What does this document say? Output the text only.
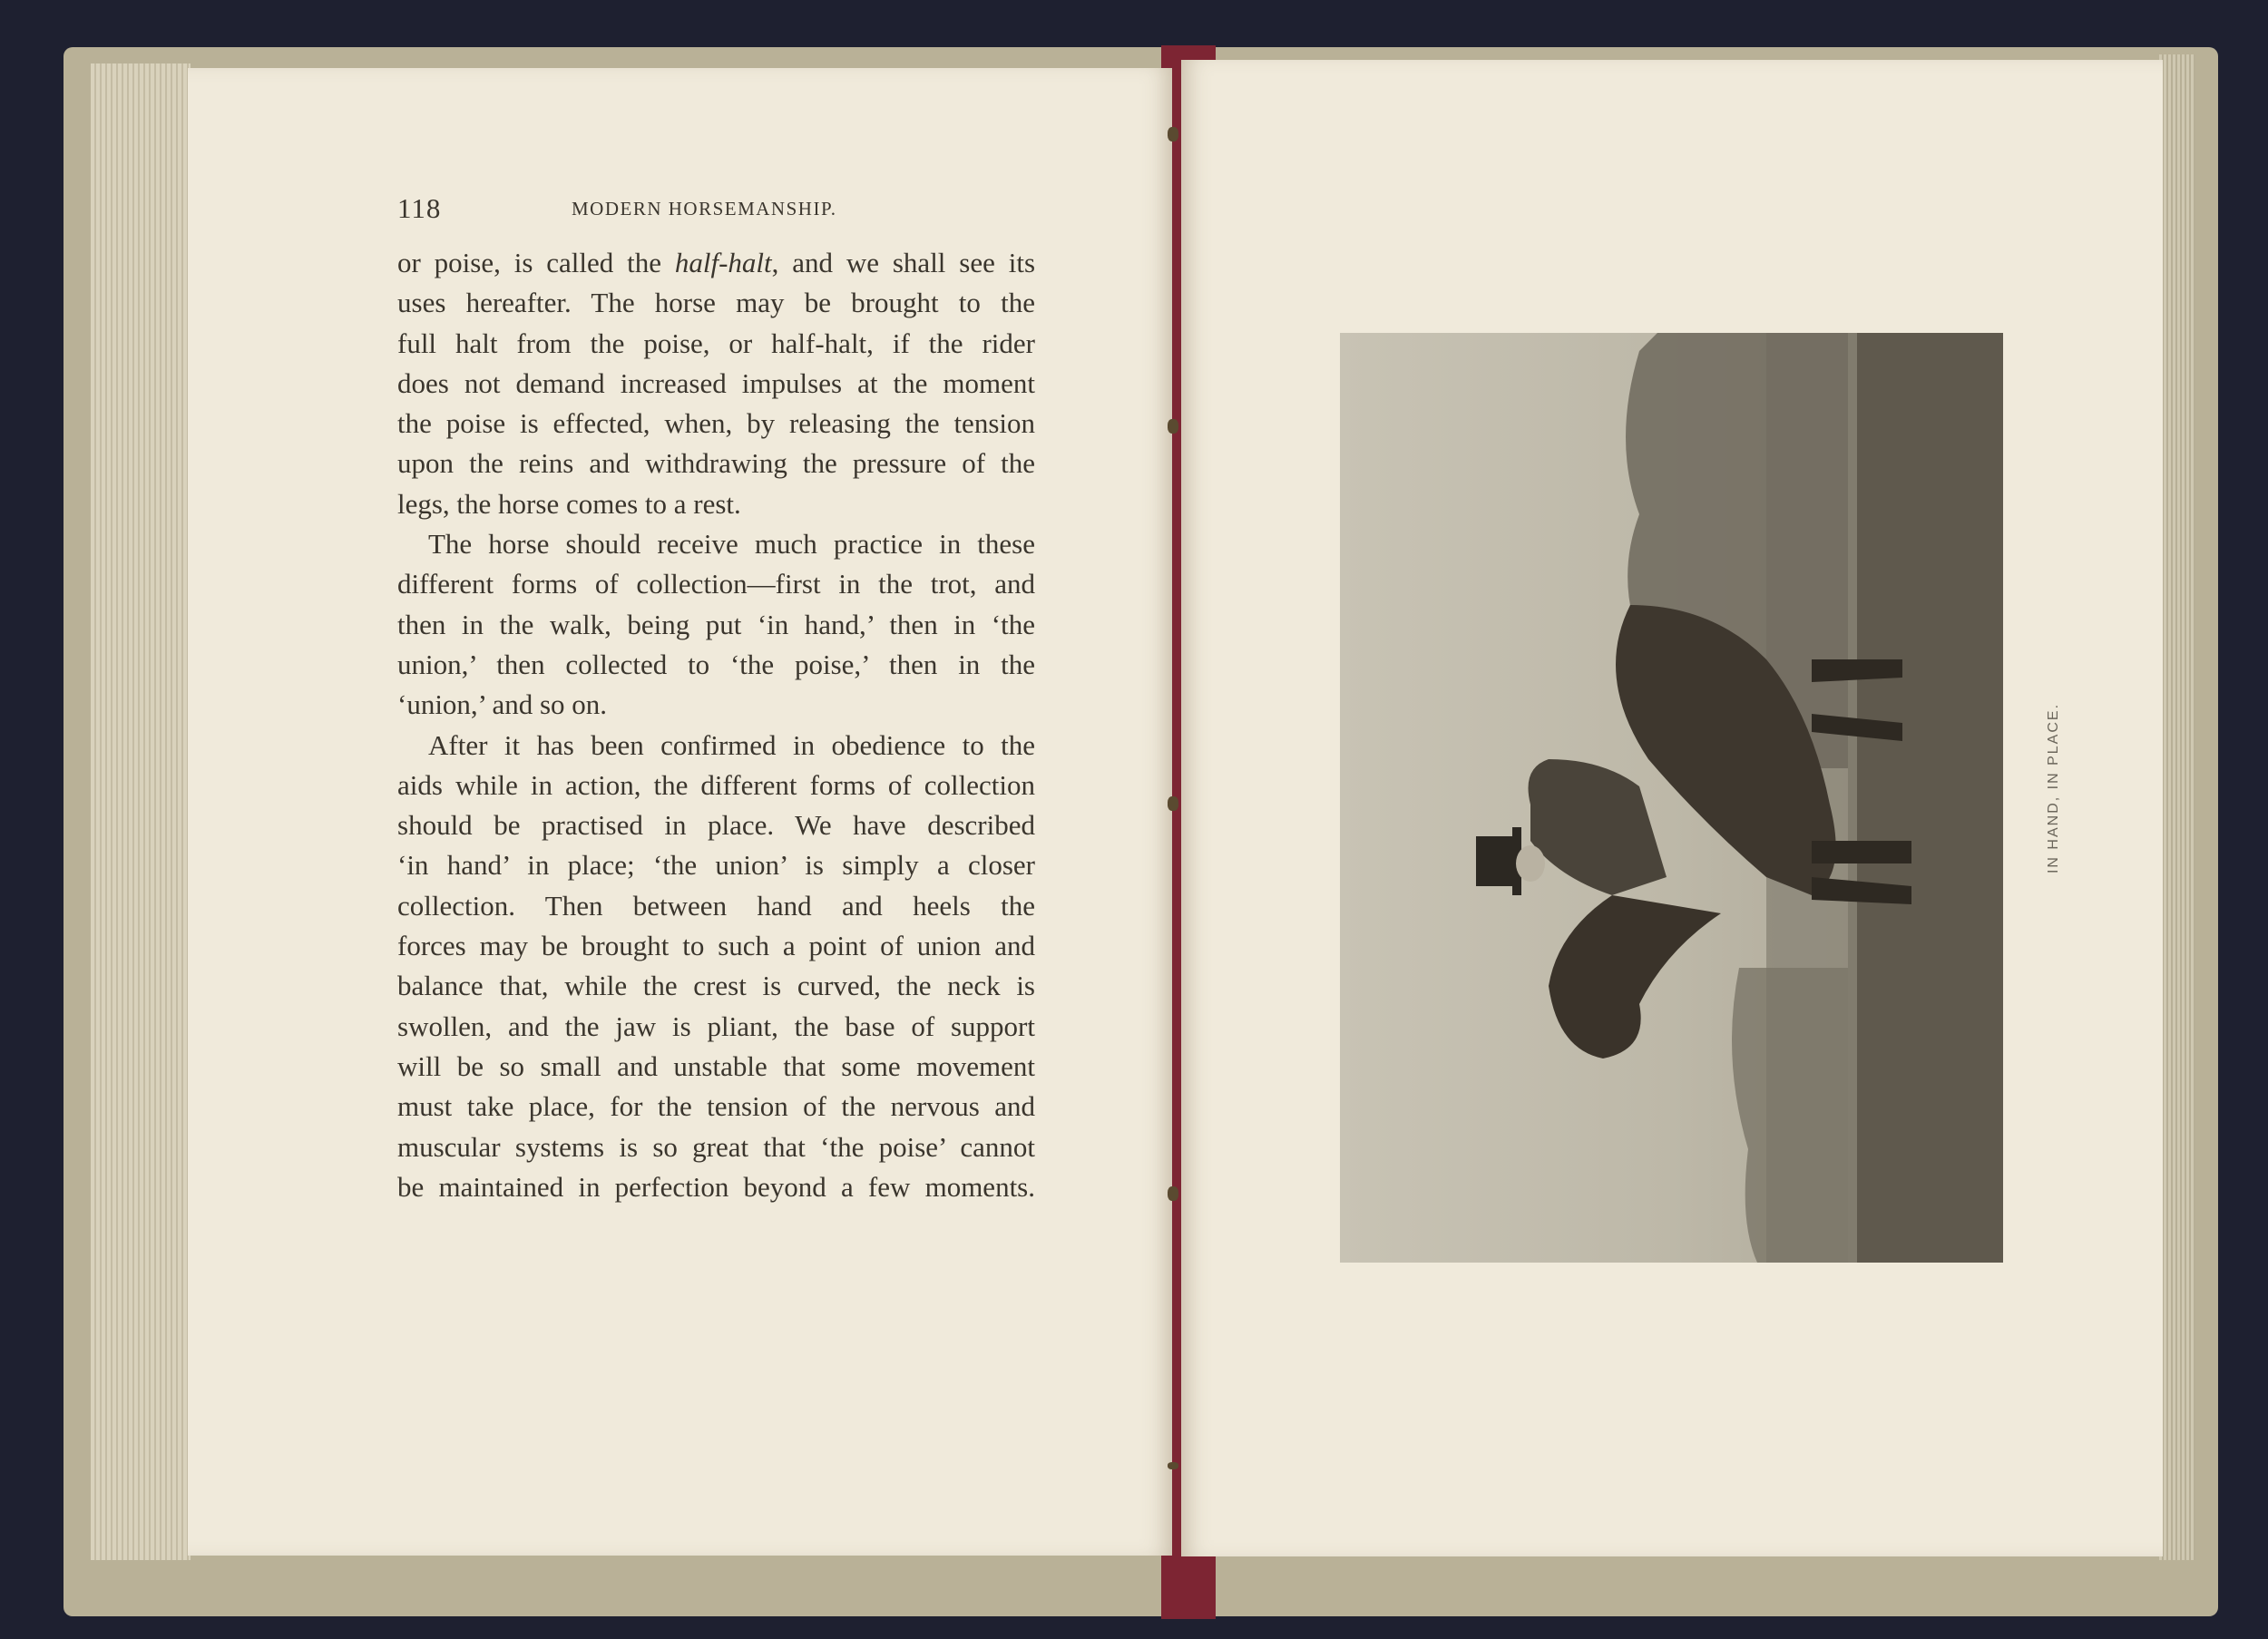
118	MODERN HORSEMANSHIP.
or poise, is called the half-halt, and we shall see its
uses hereafter. The horse may be brought to the
full halt from the poise, or half-halt, if the rider
does not demand increased impulses at the moment
the poise is effected, when, by releasing the tension
upon the reins and withdrawing the pressure of the
legs, the horse comes to a rest.
The horse should receive much practice in these
different forms of collection—first in the trot, and
then in the walk, being put ‘in hand,’ then in ‘the
union,’ then collected to ‘the poise,’ then in the
‘union,’ and so on.
After it has been confirmed in obedience to the
aids while in action, the different forms of collection
should be practised in place. We have described
‘in hand’ in place; ‘the union’ is simply a closer
collection. Then between hand and heels the
forces may be brought to such a point of union and
balance that, while the crest is curved, the neck is
swollen, and the jaw is pliant, the base of support
will be so small and unstable that some movement
must take place, for the tension of the nervous and
muscular systems is so great that ‘the poise’ cannot
be maintained in perfection beyond a few moments.
IN HAND, IN PLACE.
